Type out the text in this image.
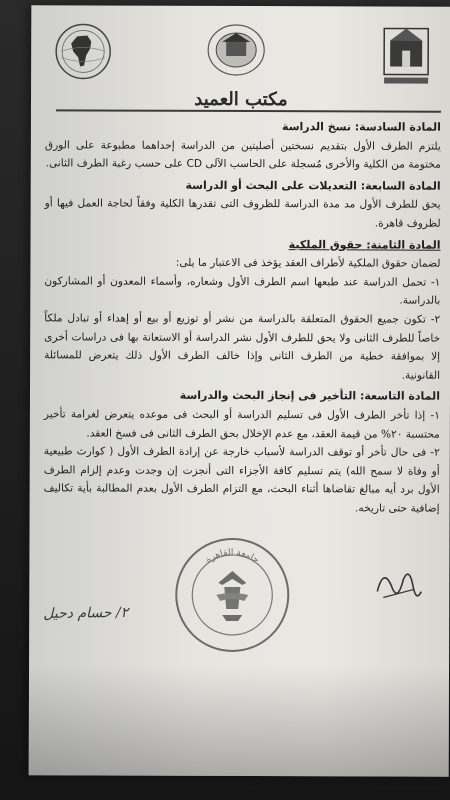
مكتب العميد

المادة السادسة: نسخ الدراسة

يلتزم الطرف الأول بتقديم نسختين أصليتين من الدراسة إحداهما مطبوعة على الورق مختومة من الكلية والأخرى مُسجلة على الحاسب الآلى CD على حسب رغبة الطرف الثانى.

المادة السابعة: التعديلات على البحث أو الدراسة

يحق للطرف الأول مد مدة الدراسة للظروف التى تقدرها الكلية وفقاً لحاجة العمل فيها أو لظروف قاهرة.

المادة الثامنة: حقوق الملكية

لضمان حقوق الملكية لأطراف العقد يؤخذ فى الاعتبار ما يلى:

١- تحمل الدراسة عند طبعها اسم الطرف الأول وشعاره، وأسماء المعدون أو المشاركون بالدراسة.

٢- تكون جميع الحقوق المتعلقة بالدراسة من نشر أو توزيع أو بيع أو إهداء أو تبادل ملكاً خاصاً للطرف الثانى ولا يحق للطرف الأول نشر الدراسة أو الاستعانة بها فى دراسات أخرى إلا بموافقة خطية من الطرف الثانى وإذا خالف الطرف الأول ذلك يتعرض للمسائلة القانونية.

المادة التاسعة: التأخير فى إنجاز البحث والدراسة

١- إذا تأخر الطرف الأول فى تسليم الدراسة أو البحث فى موعده يتعرض لغرامة تأخير محتسبة ٢٠% من قيمة العقد، مع عدم الإخلال بحق الطرف الثانى فى فسخ العقد.

٢- فى حال تأخر أو توقف الدراسة لأسباب خارجة عن إرادة الطرف الأول ( كوارث طبيعية أو وفاة لا سمح الله) يتم تسليم كافة الأجزاء التى أنجزت إن وجدت وعدم إلزام الطرف الأول برد أيه مبالغ تقاضاها أثناء البحث، مع التزام الطرف الأول بعدم المطالبة بأية تكاليف إضافية حتى تاريخه.

جامعة القاهرة
٢/ حسام دحيل
